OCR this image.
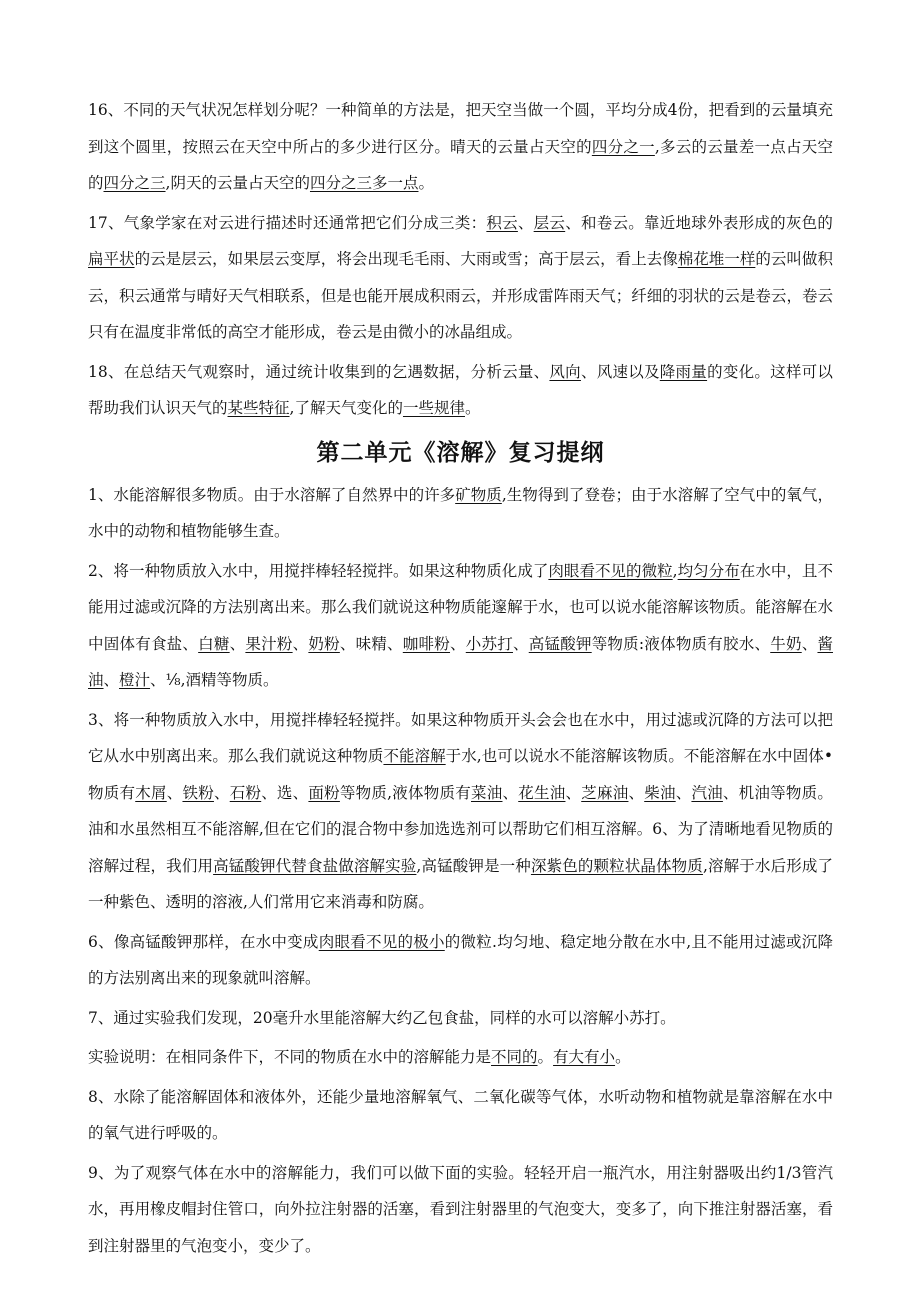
16、不同的天气状况怎样划分呢？一种简单的方法是，把天空当做一个圆，平均分成4份，把看到的云量填充到这个圆里，按照云在天空中所占的多少进行区分。晴天的云量占天空的四分之一,多云的云量差一点占天空的四分之三,阴天的云量占天空的四分之三多一点。

17、气象学家在对云进行描述时还通常把它们分成三类：积云、层云、和卷云。靠近地球外表形成的灰色的扁平状的云是层云，如果层云变厚，将会出现毛毛雨、大雨或雪；高于层云，看上去像棉花堆一样的云叫做积云，积云通常与晴好天气相联系，但是也能开展成积雨云，并形成雷阵雨天气；纤细的羽状的云是卷云，卷云只有在温度非常低的高空才能形成，卷云是由微小的冰晶组成。

18、在总结天气观察时，通过统计收集到的乞遇数据，分析云量、风向、风速以及降雨量的变化。这样可以帮助我们认识天气的某些特征,了解天气变化的一些规律。

第二单元《溶解》复习提纲

1、水能溶解很多物质。由于水溶解了自然界中的许多矿物质,生物得到了登卷；由于水溶解了空气中的氧气，水中的动物和植物能够生查。

2、将一种物质放入水中，用搅拌棒轻轻搅拌。如果这种物质化成了肉眼看不见的微粒,均匀分布在水中，且不能用过滤或沉降的方法别离出来。那么我们就说这种物质能邃解于水，也可以说水能溶解该物质。能溶解在水中固体有食盐、白糖、果汁粉、奶粉、味精、咖啡粉、小苏打、高锰酸钾等物质:液体物质有胶水、牛奶、酱油、橙汁、⅛,酒精等物质。

3、将一种物质放入水中，用搅拌棒轻轻搅拌。如果这种物质开头会会也在水中，用过滤或沉降的方法可以把它从水中别离出来。那么我们就说这种物质不能溶解于水,也可以说水不能溶解该物质。不能溶解在水中固体•物质有木屑、铁粉、石粉、选、面粉等物质,液体物质有菜油、花生油、芝麻油、柴油、汽油、机油等物质。油和水虽然相互不能溶解,但在它们的混合物中参加选选剂可以帮助它们相互溶解。6、为了清晰地看见物质的溶解过程，我们用高锰酸钾代替食盐做溶解实验,高锰酸钾是一种深紫色的颗粒状晶体物质,溶解于水后形成了一种紫色、透明的溶液,人们常用它来消毒和防腐。

6、像高锰酸钾那样，在水中变成肉眼看不见的极小的微粒.均匀地、稳定地分散在水中,且不能用过滤或沉降的方法别离出来的现象就叫溶解。

7、通过实验我们发现，20毫升水里能溶解大约乙包食盐，同样的水可以溶解小苏打。

实验说明：在相同条件下，不同的物质在水中的溶解能力是不同的。有大有小。

8、水除了能溶解固体和液体外，还能少量地溶解氧气、二氧化碳等气体，水听动物和植物就是靠溶解在水中的氧气进行呼吸的。

9、为了观察气体在水中的溶解能力，我们可以做下面的实验。轻轻开启一瓶汽水，用注射器吸出约1/3管汽水，再用橡皮帽封住管口，向外拉注射器的活塞，看到注射器里的气泡变大，变多了，向下推注射器活塞，看到注射器里的气泡变小，变少了。
